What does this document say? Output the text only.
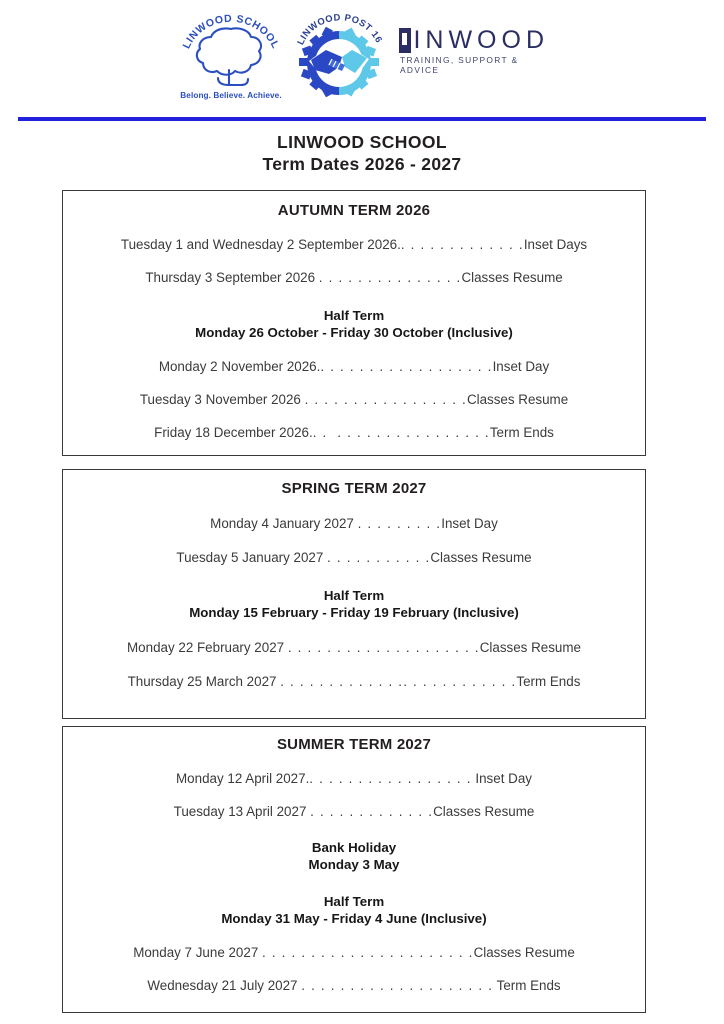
LINWOOD SCHOOL
Belong. Believe. Achieve.
LINWOOD POST 16 INWOOD
TRAINING, SUPPORT & ADVICE
LINWOOD SCHOOL
Term Dates 2026 - 2027
AUTUMN TERM 2026
Tuesday 1 and Wednesday 2 September 2026.. . . . . . . . . . . . .Inset Days
Thursday 3 September 2026 . . . . . . . . . . . . . . .Classes Resume
Half Term
Monday 26 October - Friday 30 October (Inclusive)
Monday 2 November 2026.. . . . . . . . . . . . . . . . . .Inset Day
Tuesday 3 November 2026 . . . . . . . . . . . . . . . . .Classes Resume
Friday 18 December 2026.. .  . . . . . . . . . . . . . . . .Term Ends
SPRING TERM 2027
Monday 4 January 2027 . . . . . . . . .Inset Day
Tuesday 5 January 2027 . . . . . . . . . . .Classes Resume
Half Term
Monday 15 February - Friday 19 February (Inclusive)
Monday 22 February 2027 . . . . . . . . . . . . . . . . . . . .Classes Resume
Thursday 25 March 2027 . . . . . . . . . . . . .. . . . . . . . . . . .Term Ends
SUMMER TERM 2027
Monday 12 April 2027.. . . . . . . . . . . . . . . . . Inset Day
Tuesday 13 April 2027 . . . . . . . . . . . . .Classes Resume
Bank Holiday
Monday 3 May
Half Term
Monday 31 May - Friday 4 June (Inclusive)
Monday 7 June 2027 . . . . . . . . . . . . . . . . . . . . . .Classes Resume
Wednesday 21 July 2027 . . . . . . . . . . . . . . . . . . . . Term Ends
